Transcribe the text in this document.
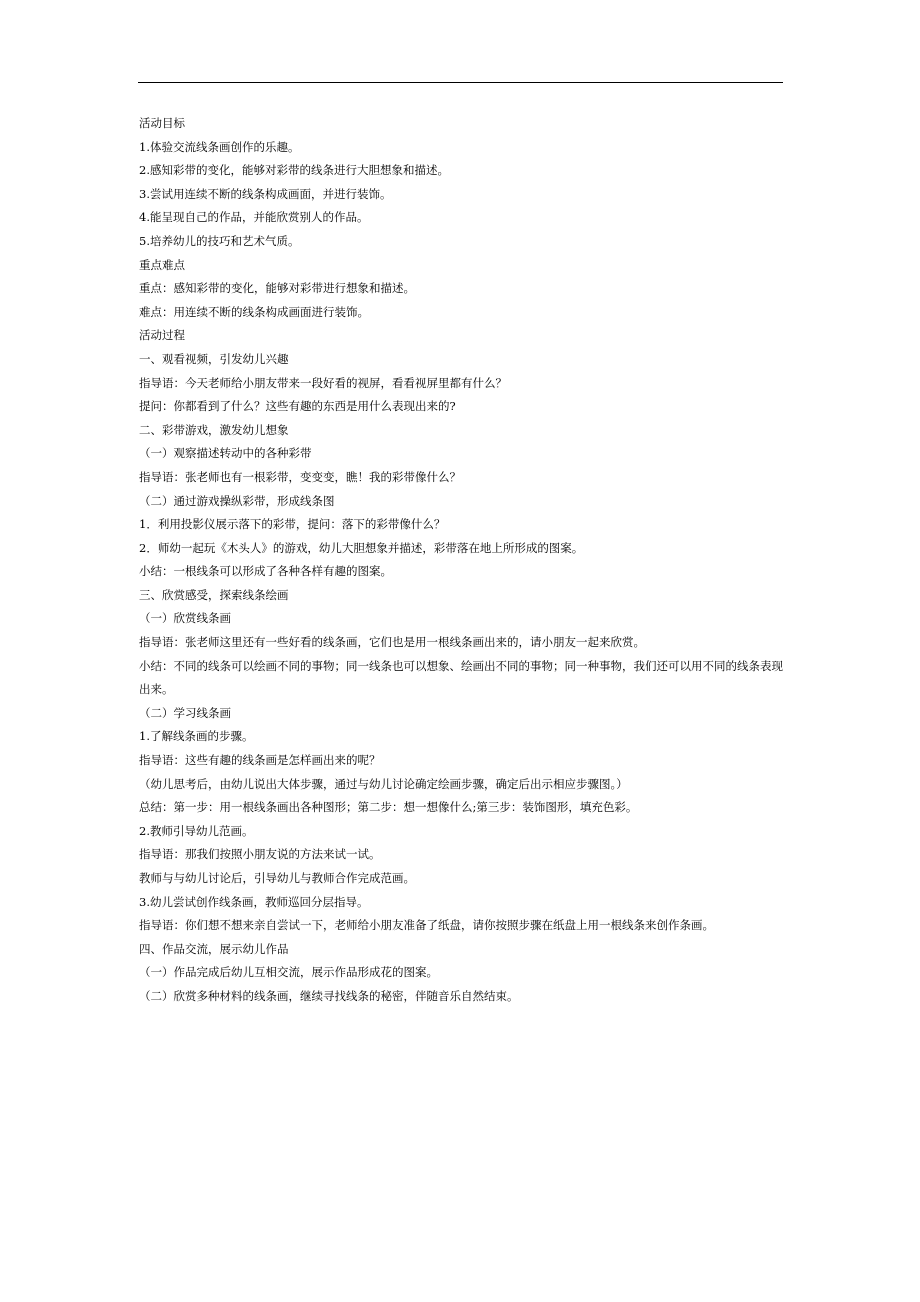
活动目标

1.体验交流线条画创作的乐趣。

2.感知彩带的变化，能够对彩带的线条进行大胆想象和描述。

3.尝试用连续不断的线条构成画面，并进行装饰。

4.能呈现自己的作品，并能欣赏别人的作品。

5.培养幼儿的技巧和艺术气质。

重点难点

重点：感知彩带的变化，能够对彩带进行想象和描述。

难点：用连续不断的线条构成画面进行装饰。

活动过程

一、观看视频，引发幼儿兴趣

指导语：今天老师给小朋友带来一段好看的视屏，看看视屏里都有什么？

提问：你都看到了什么？这些有趣的东西是用什么表现出来的?

二、彩带游戏，激发幼儿想象

（一）观察描述转动中的各种彩带

指导语：张老师也有一根彩带，变变变，瞧！我的彩带像什么？

（二）通过游戏操纵彩带，形成线条图

1．利用投影仪展示落下的彩带，提问：落下的彩带像什么？

2．师幼一起玩《木头人》的游戏，幼儿大胆想象并描述，彩带落在地上所形成的图案。

小结：一根线条可以形成了各种各样有趣的图案。

三、欣赏感受，探索线条绘画

（一）欣赏线条画

指导语：张老师这里还有一些好看的线条画，它们也是用一根线条画出来的，请小朋友一起来欣赏。

小结：不同的线条可以绘画不同的事物；同一线条也可以想象、绘画出不同的事物；同一种事物，我们还可以用不同的线条表现出来。

（二）学习线条画

1.了解线条画的步骤。

指导语：这些有趣的线条画是怎样画出来的呢？

（幼儿思考后，由幼儿说出大体步骤，通过与幼儿讨论确定绘画步骤，确定后出示相应步骤图。）

总结：第一步：用一根线条画出各种图形；第二步：想一想像什么;第三步：装饰图形，填充色彩。

2.教师引导幼儿范画。

指导语：那我们按照小朋友说的方法来试一试。

教师与与幼儿讨论后，引导幼儿与教师合作完成范画。

3.幼儿尝试创作线条画，教师巡回分层指导。

指导语：你们想不想来亲自尝试一下，老师给小朋友准备了纸盘，请你按照步骤在纸盘上用一根线条来创作条画。

四、作品交流，展示幼儿作品

（一）作品完成后幼儿互相交流，展示作品形成花的图案。

（二）欣赏多种材料的线条画，继续寻找线条的秘密，伴随音乐自然结束。
